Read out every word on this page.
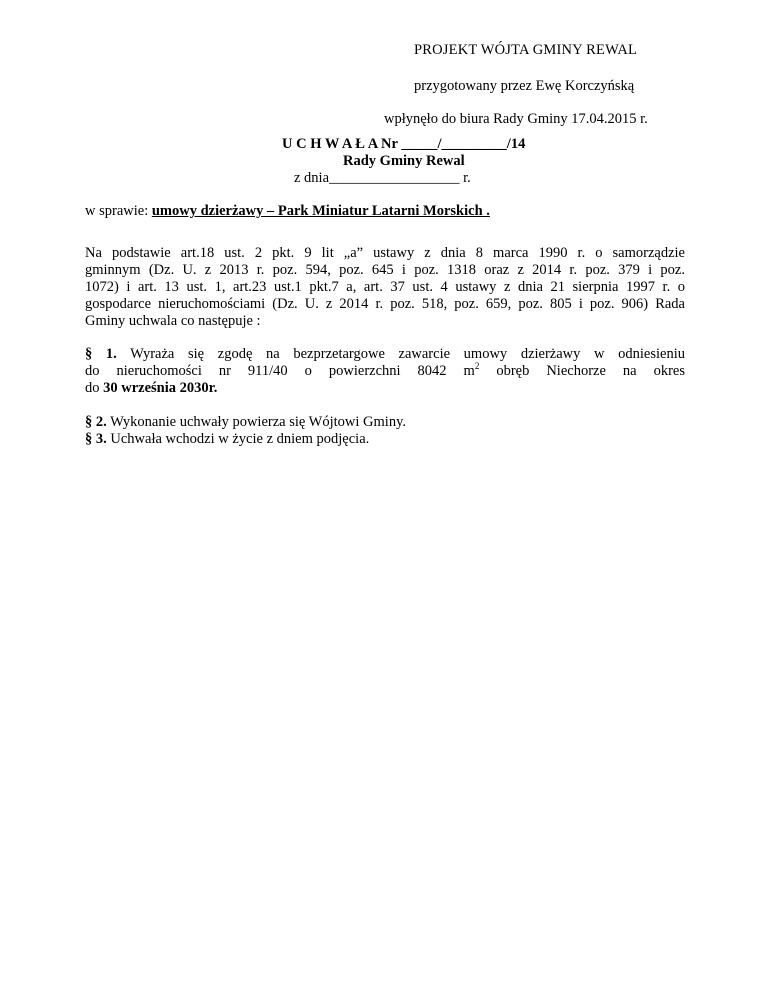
PROJEKT WÓJTA GMINY REWAL
przygotowany przez Ewę Korczyńską
wpłynęło do biura Rady Gminy 17.04.2015 r.
U C H W A Ł A Nr _____/_________/14
Rady Gminy Rewal
z dnia__________________ r.
w sprawie: umowy dzierżawy – Park Miniatur Latarni Morskich .
Na podstawie art.18 ust. 2 pkt. 9 lit „a” ustawy z dnia 8 marca 1990 r. o samorządzie
gminnym (Dz. U. z 2013 r. poz. 594, poz. 645 i poz. 1318 oraz z 2014 r. poz. 379 i poz.
1072) i art. 13 ust. 1, art.23 ust.1 pkt.7 a, art. 37 ust. 4 ustawy z dnia 21 sierpnia 1997 r. o
gospodarce nieruchomościami (Dz. U. z 2014 r. poz. 518, poz. 659, poz. 805 i poz. 906) Rada
Gminy uchwala co następuje :
§ 1. Wyraża się zgodę na bezprzetargowe zawarcie umowy dzierżawy w odniesieniu
do nieruchomości nr 911/40 o powierzchni 8042 $m^2$ obręb Niechorze na okres
do 30 września 2030r.
§ 2. Wykonanie uchwały powierza się Wójtowi Gminy.
§ 3. Uchwała wchodzi w życie z dniem podjęcia.
